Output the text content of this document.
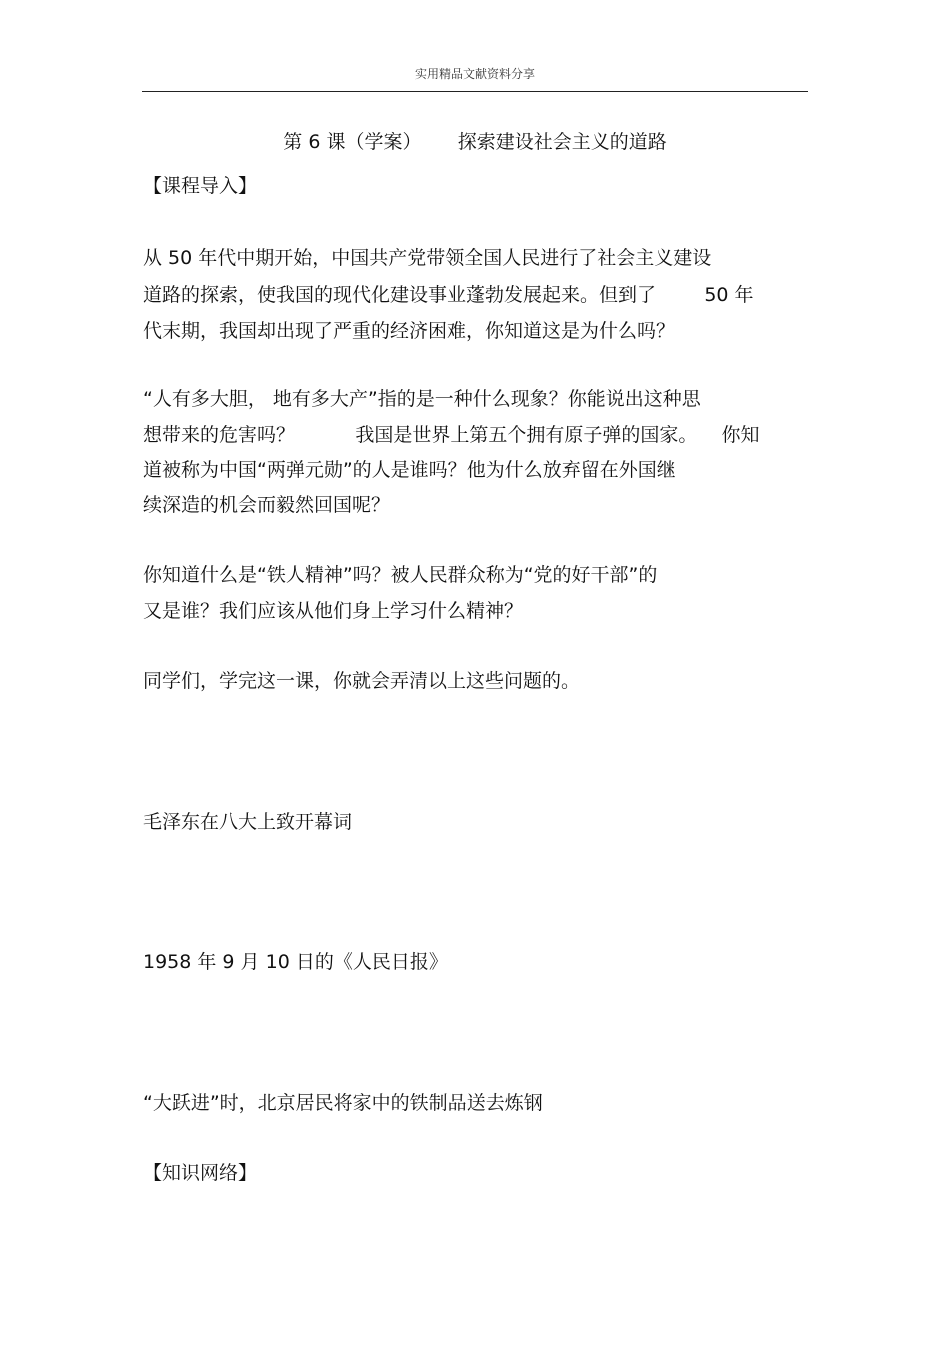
实用精品文献资料分享
第 6 课（学案）      探索建设社会主义的道路
【课程导入】
从 50 年代中期开始，中国共产党带领全国人民进行了社会主义建设
道路的探索，使我国的现代化建设事业蓬勃发展起来。但到了        50 年
代末期，我国却出现了严重的经济困难，你知道这是为什么吗？
“人有多大胆， 地有多大产”指的是一种什么现象？你能说出这种思
想带来的危害吗？          我国是世界上第五个拥有原子弹的国家。    你知
道被称为中国“两弹元勋”的人是谁吗？他为什么放弃留在外国继
续深造的机会而毅然回国呢？
你知道什么是“铁人精神”吗？被人民群众称为“党的好干部”的
又是谁？我们应该从他们身上学习什么精神？
同学们，学完这一课，你就会弄清以上这些问题的。
毛泽东在八大上致开幕词
1958 年 9 月 10 日的《人民日报》
“大跃进”时，北京居民将家中的铁制品送去炼钢
【知识网络】
